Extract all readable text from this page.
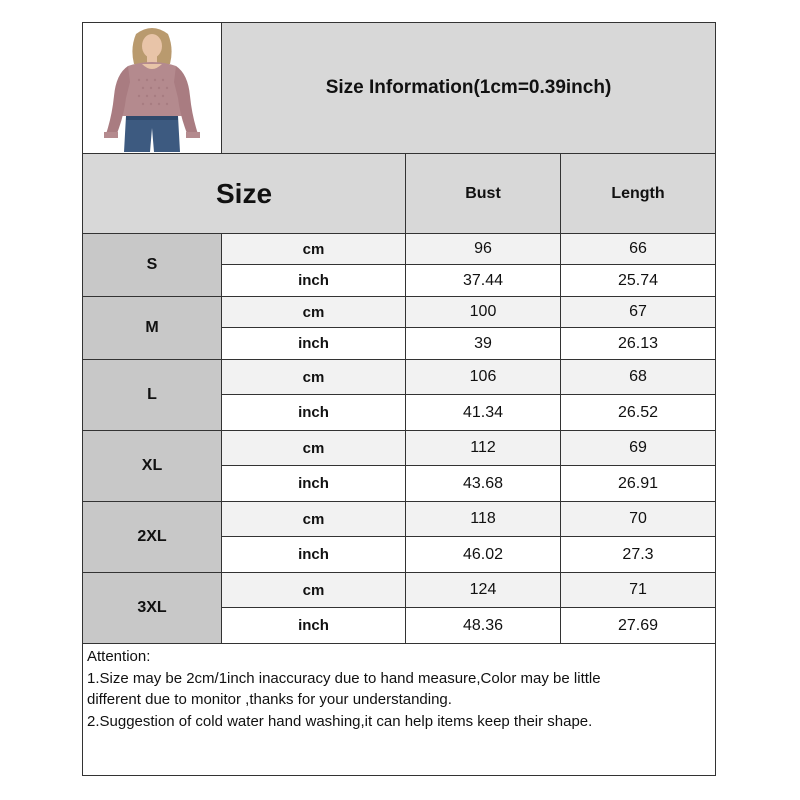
Size Information(1cm=0.39inch)
Size	Bust	Length
S
cm	96	66
inch	37.44	25.74
M
cm	100	67
inch	39	26.13
L
cm	106	68
inch	41.34	26.52
XL
cm	112	69
inch	43.68	26.91
2XL
cm	118	70
inch	46.02	27.3
3XL
cm	124	71
inch	48.36	27.69
Attention:
1.Size may be 2cm/1inch inaccuracy due to hand measure,Color may be little
different due to monitor ,thanks for your understanding.
2.Suggestion of cold water hand washing,it can help items keep their shape.
